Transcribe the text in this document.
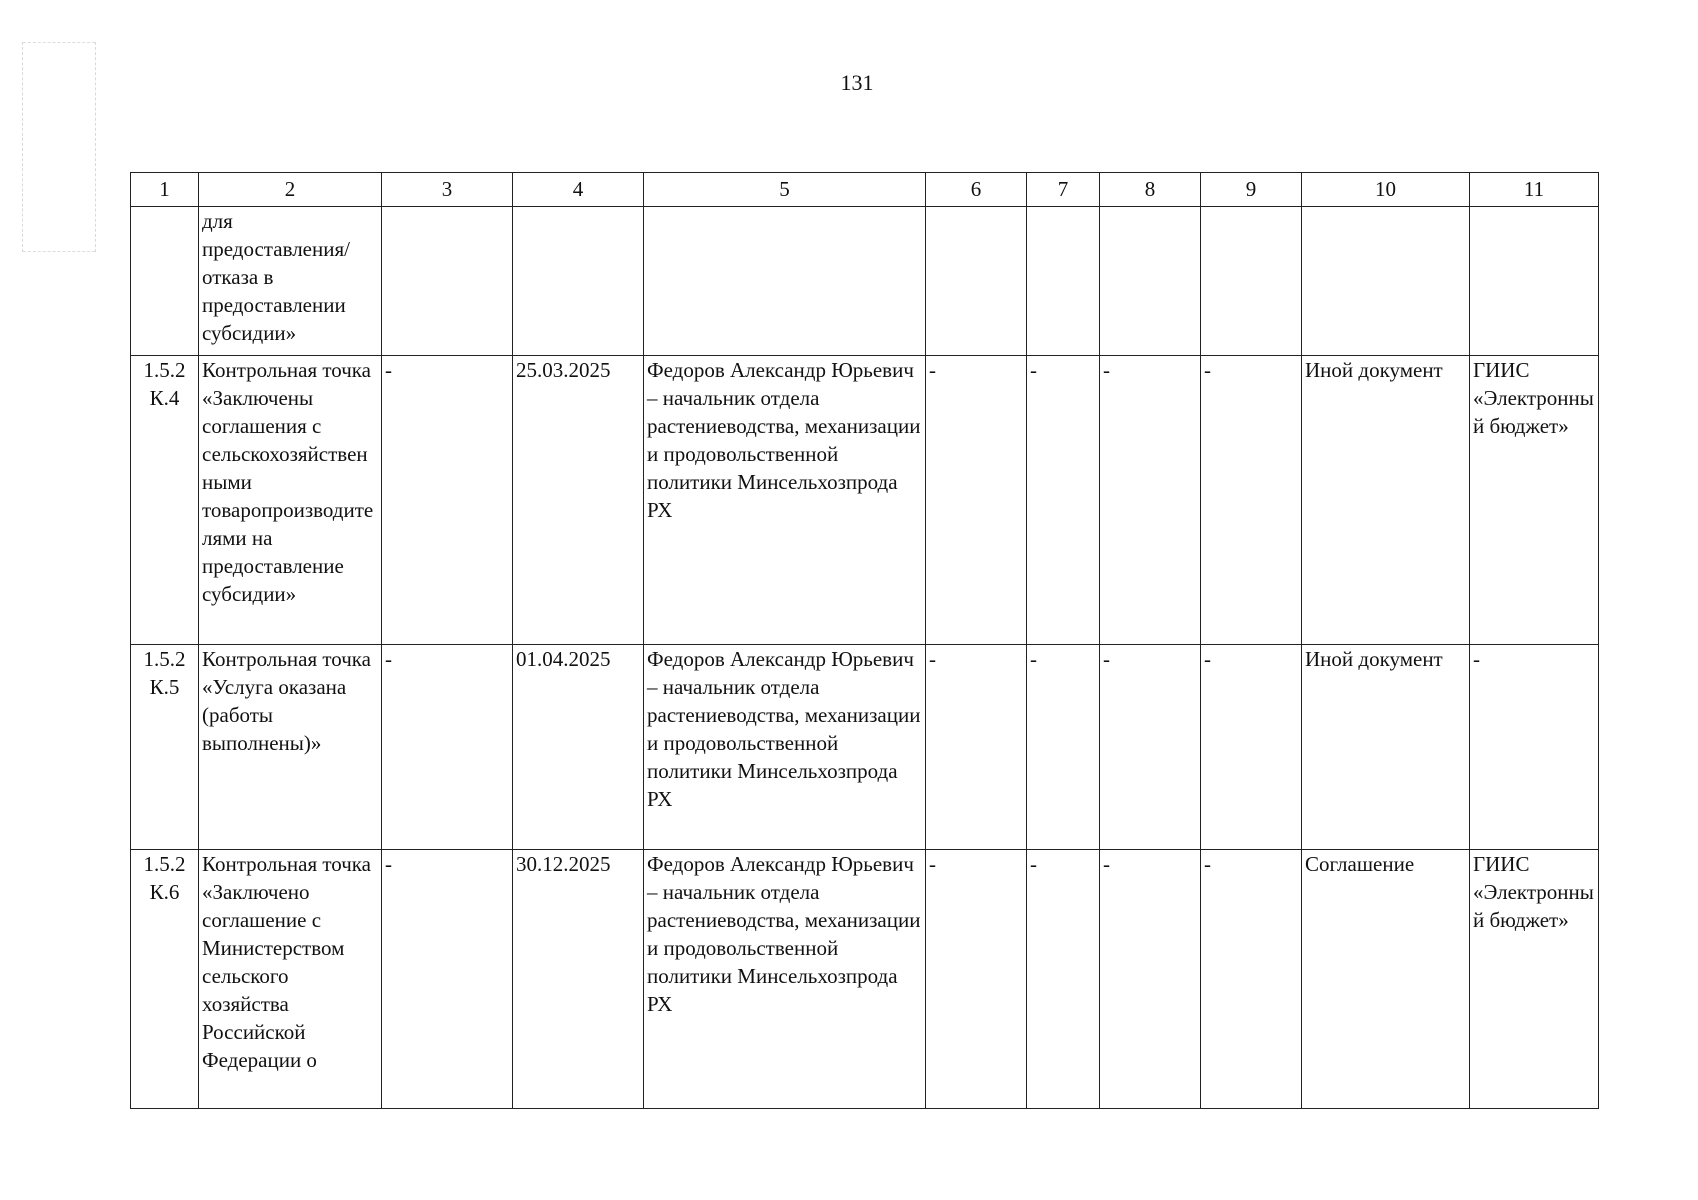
131
1	2	3	4	5	6	7	8	9	10	11
	для предоставления/ отказа в предоставлении субсидии»									
1.5.2 К.4	Контрольная точка «Заключены соглашения с сельскохозяйственными товаропроизводителями на предоставление субсидии»	-	25.03.2025	Федоров Александр Юрьевич – начальник отдела растениеводства, механизации и продовольственной политики Минсельхозпрода РХ	-	-	-	-	Иной документ	ГИИС «Электронный бюджет»
1.5.2 К.5	Контрольная точка «Услуга оказана (работы выполнены)»	-	01.04.2025	Федоров Александр Юрьевич – начальник отдела растениеводства, механизации и продовольственной политики Минсельхозпрода РХ	-	-	-	-	Иной документ	-
1.5.2 К.6	Контрольная точка «Заключено соглашение с Министерством сельского хозяйства Российской Федерации о	-	30.12.2025	Федоров Александр Юрьевич – начальник отдела растениеводства, механизации и продовольственной политики Минсельхозпрода РХ	-	-	-	-	Соглашение	ГИИС «Электронный бюджет»
